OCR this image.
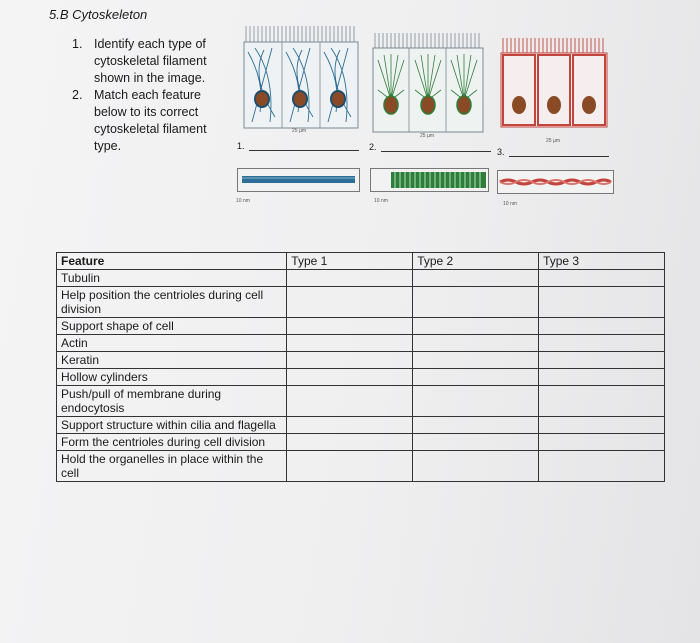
5.B Cytoskeleton
1. Identify each type of cytoskeletal filament shown in the image.
2. Match each feature below to its correct cytoskeletal filament type.
25 µm
1.
10 nm
25 µm
2.
10 nm
25 µm
3.
10 nm
Feature	Type 1	Type 2	Type 3
Tubulin			
Help position the centrioles during cell division			
Support shape of cell			
Actin			
Keratin			
Hollow cylinders			
Push/pull of membrane during endocytosis			
Support structure within cilia and flagella			
Form the centrioles during cell division			
Hold the organelles in place within the cell			
